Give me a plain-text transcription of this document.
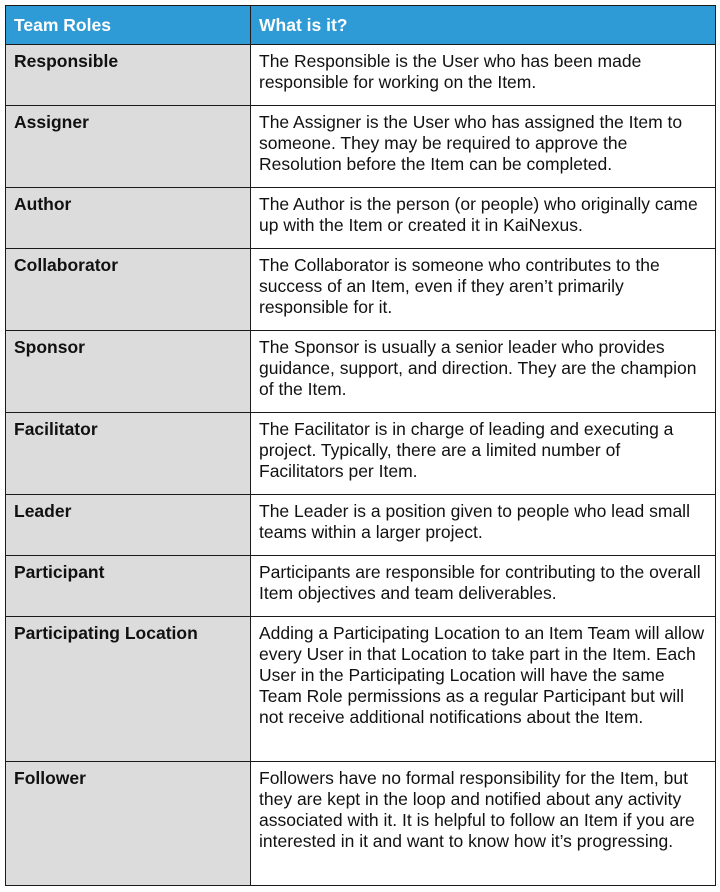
Team Roles	What is it?
Responsible	The Responsible is the User who has been made responsible for working on the Item.
Assigner	The Assigner is the User who has assigned the Item to someone. They may be required to approve the Resolution before the Item can be completed.
Author	The Author is the person (or people) who originally came up with the Item or created it in KaiNexus.
Collaborator	The Collaborator is someone who contributes to the success of an Item, even if they aren’t primarily responsible for it.
Sponsor	The Sponsor is usually a senior leader who provides guidance, support, and direction. They are the champion of the Item.
Facilitator	The Facilitator is in charge of leading and executing a project. Typically, there are a limited number of Facilitators per Item.
Leader	The Leader is a position given to people who lead small teams within a larger project.
Participant	Participants are responsible for contributing to the overall Item objectives and team deliverables.
Participating Location	Adding a Participating Location to an Item Team will allow every User in that Location to take part in the Item. Each User in the Participating Location will have the same Team Role permissions as a regular Participant but will not receive additional notifications about the Item.
Follower	Followers have no formal responsibility for the Item, but they are kept in the loop and notified about any activity associated with it. It is helpful to follow an Item if you are interested in it and want to know how it’s progressing.
